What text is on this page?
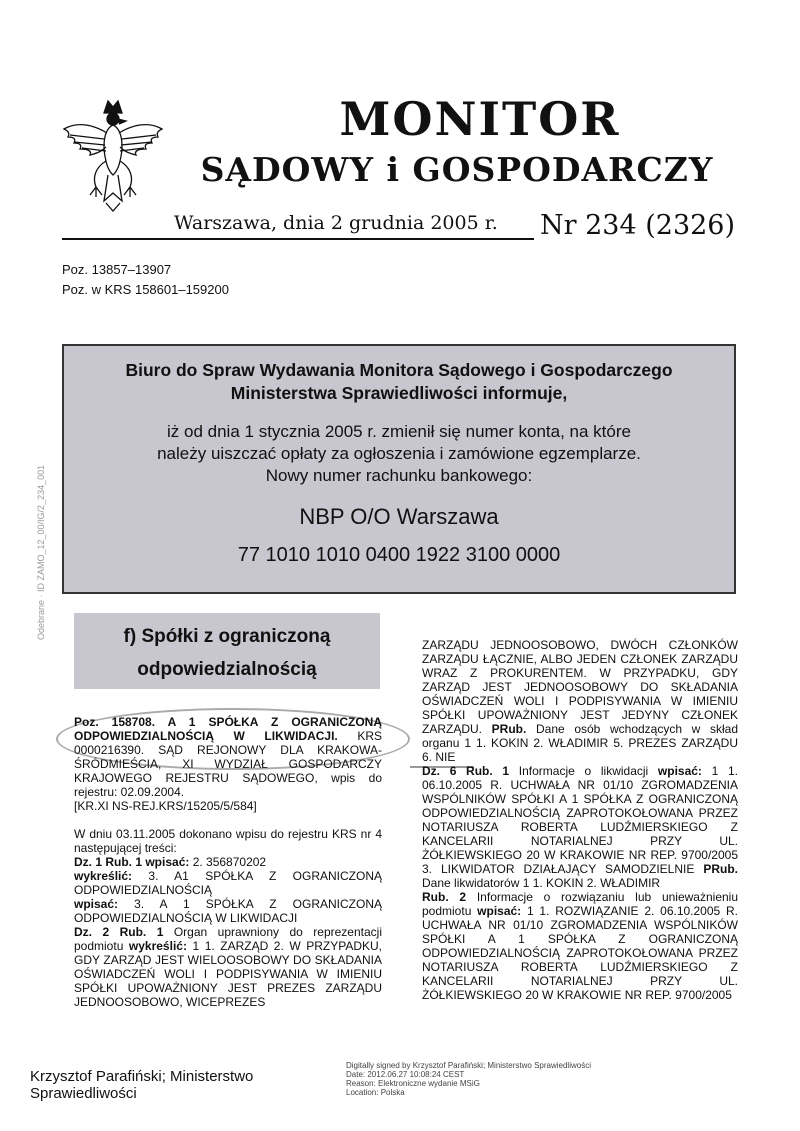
MONITOR
SĄDOWY i GOSPODARCZY
Warszawa, dnia 2 grudnia 2005 r. Nr 234 (2326)
Poz. 13857–13907
Poz. w KRS 158601–159200
Biuro do Spraw Wydawania Monitora Sądowego i Gospodarczego
Ministerstwa Sprawiedliwości informuje,
iż od dnia 1 stycznia 2005 r. zmienił się numer konta, na które
należy uiszczać opłaty za ogłoszenia i zamówione egzemplarze.
Nowy numer rachunku bankowego:
NBP O/O Warszawa
77 1010 1010 0400 1922 3100 0000
Odebrane · ID ZAMO_12_00/IG/2_234_001	f) Spółki z ograniczoną
odpowiedzialnością

Poz. 158708. A 1 SPÓŁKA Z OGRANICZONĄ ODPOWIEDZIALNOŚCIĄ W LIKWIDACJI. KRS 0000216390. SĄD REJONOWY DLA KRAKOWA-ŚRÓDMIEŚCIA, XI WYDZIAŁ GOSPODARCZY KRAJOWEGO REJESTRU SĄDOWEGO, wpis do rejestru: 02.09.2004.

[KR.XI NS-REJ.KRS/15205/5/584]

W dniu 03.11.2005 dokonano wpisu do rejestru KRS nr 4 następującej treści:

Dz. 1 Rub. 1 wpisać: 2. 356870202

wykreślić: 3. A1 SPÓŁKA Z OGRANICZONĄ ODPOWIEDZIALNOŚCIĄ

wpisać: 3. A 1 SPÓŁKA Z OGRANICZONĄ ODPOWIEDZIALNOŚCIĄ W LIKWIDACJI

Dz. 2 Rub. 1 Organ uprawniony do reprezentacji podmiotu wykreślić: 1 1. ZARZĄD 2. W PRZYPADKU, GDY ZARZĄD JEST WIELOOSOBOWY DO SKŁADANIA OŚWIADCZEŃ WOLI I PODPISYWANIA W IMIENIU SPÓŁKI UPOWAŻNIONY JEST PREZES ZARZĄDU JEDNOOSOBOWO, WICEPREZES

ZARZĄDU JEDNOOSOBOWO, DWÓCH CZŁONKÓW ZARZĄDU ŁĄCZNIE, ALBO JEDEN CZŁONEK ZARZĄDU WRAZ Z PROKURENTEM. W PRZYPADKU, GDY ZARZĄD JEST JEDNOOSOBOWY DO SKŁADANIA OŚWIADCZEŃ WOLI I PODPISYWANIA W IMIENIU SPÓŁKI UPOWAŻNIONY JEST JEDYNY CZŁONEK ZARZĄDU. PRub. Dane osób wchodzących w skład organu 1 1. KOKIN 2. WŁADIMIR 5. PREZES ZARZĄDU 6. NIE

Dz. 6 Rub. 1 Informacje o likwidacji wpisać: 1 1. 06.10.2005 R. UCHWAŁA NR 01/10 ZGROMADZENIA WSPÓLNIKÓW SPÓŁKI A 1 SPÓŁKA Z OGRANICZONĄ ODPOWIEDZIALNOŚCIĄ ZAPROTOKOŁOWANA PRZEZ NOTARIUSZA ROBERTA LUDŹMIERSKIEGO Z KANCELARII NOTARIALNEJ PRZY UL. ŻÓŁKIEWSKIEGO 20 W KRAKOWIE NR REP. 9700/2005 3. LIKWIDATOR DZIAŁAJĄCY SAMODZIELNIE PRub. Dane likwidatorów 1 1. KOKIN 2. WŁADIMIR

Rub. 2 Informacje o rozwiązaniu lub unieważnieniu podmiotu wpisać: 1 1. ROZWIĄZANIE 2. 06.10.2005 R. UCHWAŁA NR 01/10 ZGROMADZENIA WSPÓLNIKÓW SPÓŁKI A 1 SPÓŁKA Z OGRANICZONĄ ODPOWIEDZIALNOŚCIĄ ZAPROTOKOŁOWANA PRZEZ NOTARIUSZA ROBERTA LUDŹMIERSKIEGO Z KANCELARII NOTARIALNEJ PRZY UL. ŻÓŁKIEWSKIEGO 20 W KRAKOWIE NR REP. 9700/2005

Krzysztof Parafiński; Ministerstwo
Sprawiedliwości
Digitally signed by Krzysztof Parafiński; Ministerstwo Sprawiedliwości
Date: 2012.06.27 10:08:24 CEST
Reason: Elektroniczne wydanie MSiG
Location: Polska
